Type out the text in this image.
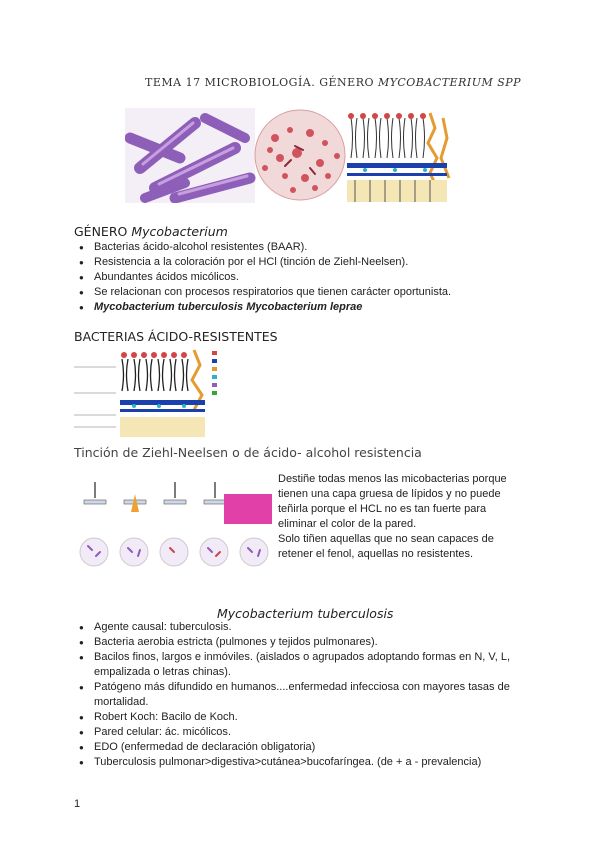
TEMA 17 MICROBIOLOGÍA. GÉNERO MYCOBACTERIUM SPP
GÉNERO Mycobacterium
● Bacterias ácido-alcohol resistentes (BAAR).
● Resistencia a la coloración por el HCl (tinción de Ziehl-Neelsen).
● Abundantes ácidos micólicos.
● Se relacionan con procesos respiratorios que tienen carácter oportunista.
● Mycobacterium tuberculosis Mycobacterium leprae
BACTERIAS ÁCIDO-RESISTENTES
Tinción de Ziehl-Neelsen o de ácido- alcohol resistencia
Destiñe todas menos las micobacterias porque tienen una capa gruesa de lípidos y no puede teñirla porque el HCL no es tan fuerte para eliminar el color de la pared.
Solo tiñen aquellas que no sean capaces de retener el fenol, aquellas no resistentes.
Mycobacterium tuberculosis
● Agente causal: tuberculosis.
● Bacteria aerobia estricta (pulmones y tejidos pulmonares).
● Bacilos finos, largos e inmóviles. (aislados o agrupados adoptando formas en N, V, L, empalizada o letras chinas).
● Patógeno más difundido en humanos....enfermedad infecciosa con mayores tasas de mortalidad.
● Robert Koch: Bacilo de Koch.
● Pared celular: ác. micólicos.
● EDO (enfermedad de declaración obligatoria)
● Tuberculosis pulmonar>digestiva>cutánea>bucofaríngea. (de + a - prevalencia)
1
